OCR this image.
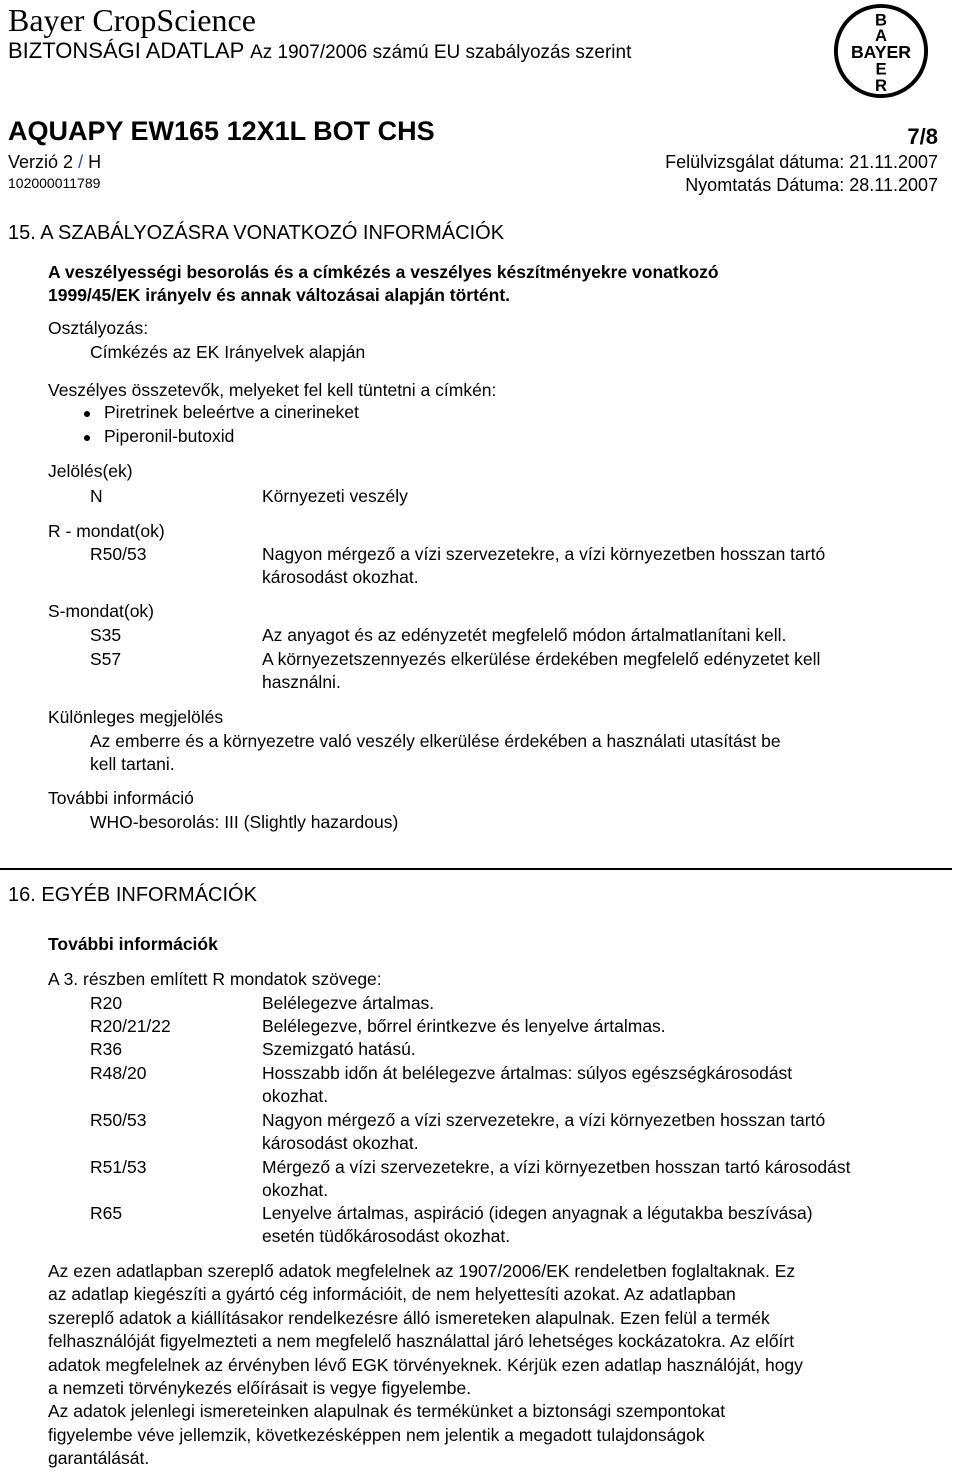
Bayer CropScience
BIZTONSÁGI ADATLAP Az 1907/2006 számú EU szabályozás szerint
B
A
BAYER
E
R
AQUAPY EW165 12X1L BOT CHS	7/8
Verzió 2 / H	Felülvizsgálat dátuma: 21.11.2007
102000011789	Nyomtatás Dátuma: 28.11.2007
15. A SZABÁLYOZÁSRA VONATKOZÓ INFORMÁCIÓK
A veszélyességi besorolás és a címkézés a veszélyes készítményekre vonatkozó
1999/45/EK irányelv és annak változásai alapján történt.
Osztályozás:
Címkézés az EK Irányelvek alapján
Veszélyes összetevők, melyeket fel kell tüntetni a címkén:
Piretrinek beleértve a cinerineket
Piperonil-butoxid
Jelölés(ek)
N	Környezeti veszély
R - mondat(ok)
R50/53	Nagyon mérgező a vízi szervezetekre, a vízi környezetben hosszan tartó
károsodást okozhat.
S-mondat(ok)
S35	Az anyagot és az edényzetét megfelelő módon ártalmatlanítani kell.
S57	A környezetszennyezés elkerülése érdekében megfelelő edényzetet kell
használni.
Különleges megjelölés
Az emberre és a környezetre való veszély elkerülése érdekében a használati utasítást be
kell tartani.
További információ
WHO-besorolás: III (Slightly hazardous)
16. EGYÉB INFORMÁCIÓK
További információk
A 3. részben említett R mondatok szövege:
R20	Belélegezve ártalmas.
R20/21/22	Belélegezve, bőrrel érintkezve és lenyelve ártalmas.
R36	Szemizgató hatású.
R48/20	Hosszabb időn át belélegezve ártalmas: súlyos egészségkárosodást
okozhat.
R50/53	Nagyon mérgező a vízi szervezetekre, a vízi környezetben hosszan tartó
károsodást okozhat.
R51/53	Mérgező a vízi szervezetekre, a vízi környezetben hosszan tartó károsodást
okozhat.
R65	Lenyelve ártalmas, aspiráció (idegen anyagnak a légutakba beszívása)
esetén tüdőkárosodást okozhat.
Az ezen adatlapban szereplő adatok megfelelnek az 1907/2006/EK rendeletben foglaltaknak. Ez
az adatlap kiegészíti a gyártó cég információit, de nem helyettesíti azokat. Az adatlapban
szereplő adatok a kiállításakor rendelkezésre álló ismereteken alapulnak. Ezen felül a termék
felhasználóját figyelmezteti a nem megfelelő használattal járó lehetséges kockázatokra. Az előírt
adatok megfelelnek az érvényben lévő EGK törvényeknek. Kérjük ezen adatlap használóját, hogy
a nemzeti törvénykezés előírásait is vegye figyelembe.
Az adatok jelenlegi ismereteinken alapulnak és termékünket a biztonsági szempontokat
figyelembe véve jellemzik, következésképpen nem jelentik a megadott tulajdonságok
garantálását.
